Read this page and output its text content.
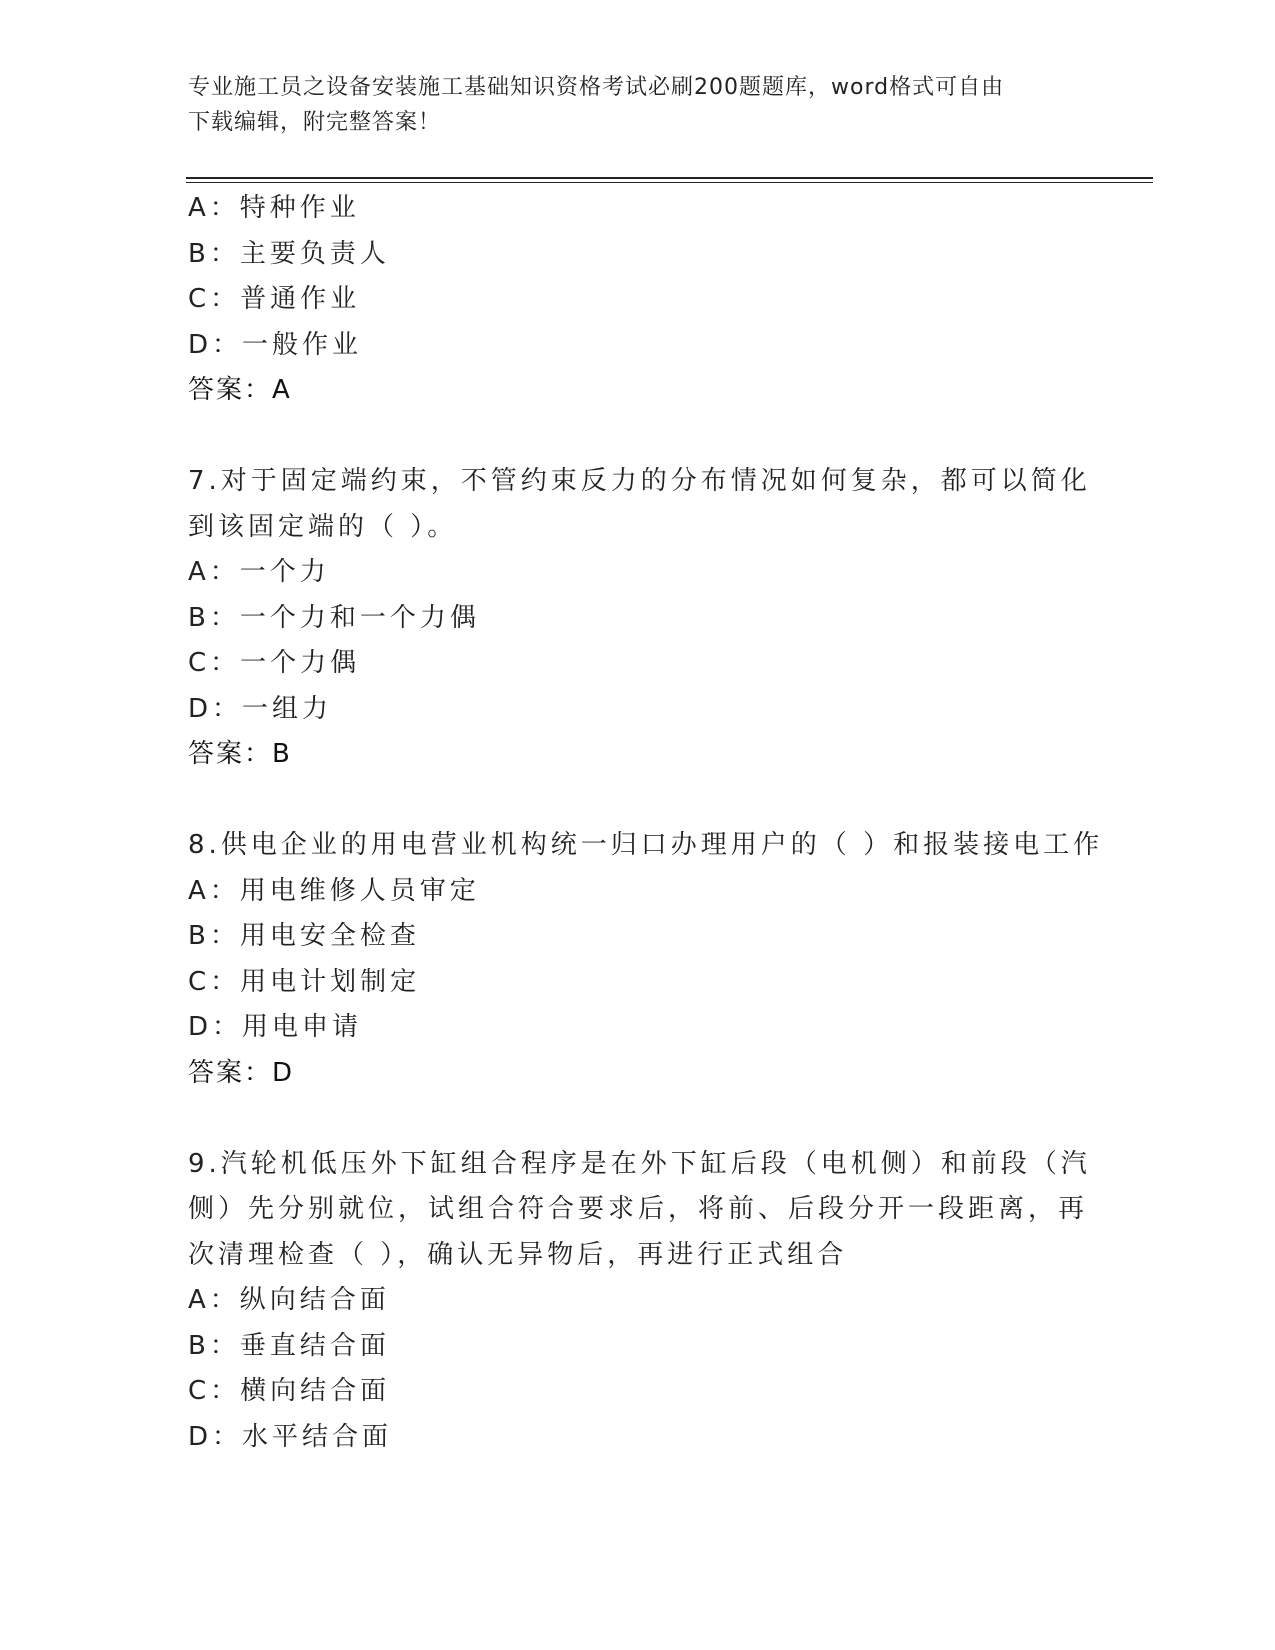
专业施工员之设备安装施工基础知识资格考试必刷200题题库，word格式可自由
下载编辑，附完整答案！
A：特种作业
B：主要负责人
C：普通作业
D：一般作业
答案：A
7.对于固定端约束，不管约束反力的分布情况如何复杂，都可以简化
到该固定端的（ ）。
A：一个力
B：一个力和一个力偶
C：一个力偶
D：一组力
答案：B
8.供电企业的用电营业机构统一归口办理用户的（ ）和报装接电工作
A：用电维修人员审定
B：用电安全检查
C：用电计划制定
D：用电申请
答案：D
9.汽轮机低压外下缸组合程序是在外下缸后段（电机侧）和前段（汽
侧）先分别就位，试组合符合要求后，将前、后段分开一段距离，再
次清理检查（ ），确认无异物后，再进行正式组合
A：纵向结合面
B：垂直结合面
C：横向结合面
D：水平结合面
